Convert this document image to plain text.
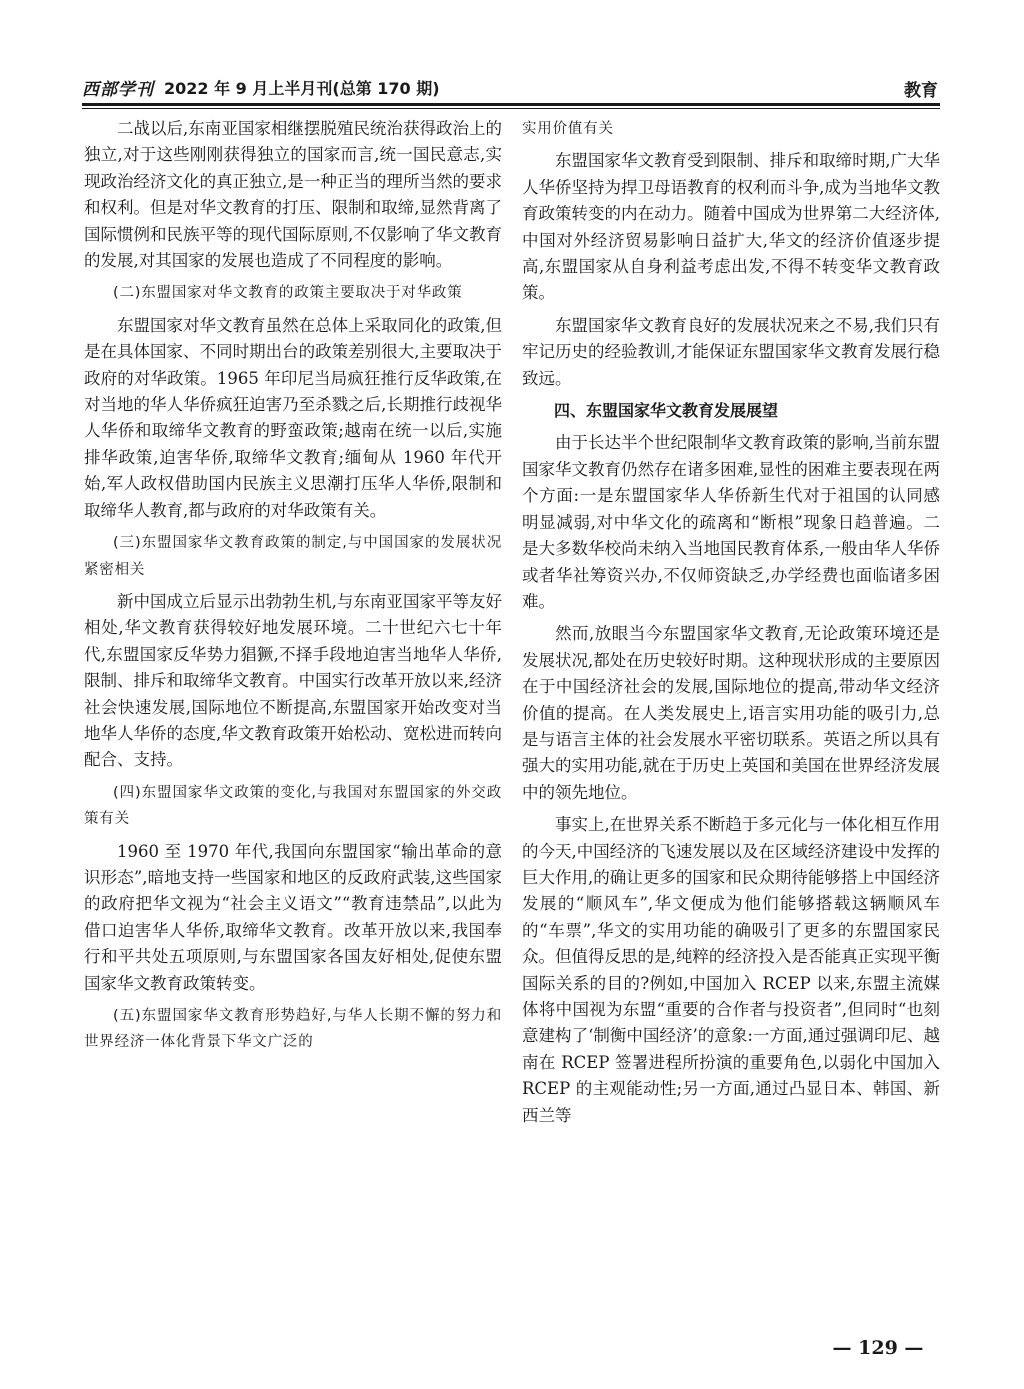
西部学刊 2022 年 9 月上半月刊(总第 170 期)	教育

二战以后,东南亚国家相继摆脱殖民统治获得政治上的独立,对于这些刚刚获得独立的国家而言,统一国民意志,实现政治经济文化的真正独立,是一种正当的理所当然的要求和权利。但是对华文教育的打压、限制和取缔,显然背离了国际惯例和民族平等的现代国际原则,不仅影响了华文教育的发展,对其国家的发展也造成了不同程度的影响。

(二)东盟国家对华文教育的政策主要取决于对华政策

东盟国家对华文教育虽然在总体上采取同化的政策,但是在具体国家、不同时期出台的政策差别很大,主要取决于政府的对华政策。1965 年印尼当局疯狂推行反华政策,在对当地的华人华侨疯狂迫害乃至杀戮之后,长期推行歧视华人华侨和取缔华文教育的野蛮政策;越南在统一以后,实施排华政策,迫害华侨,取缔华文教育;缅甸从 1960 年代开始,军人政权借助国内民族主义思潮打压华人华侨,限制和取缔华人教育,都与政府的对华政策有关。

(三)东盟国家华文教育政策的制定,与中国国家的发展状况紧密相关

新中国成立后显示出勃勃生机,与东南亚国家平等友好相处,华文教育获得较好地发展环境。二十世纪六七十年代,东盟国家反华势力猖獗,不择手段地迫害当地华人华侨,限制、排斥和取缔华文教育。中国实行改革开放以来,经济社会快速发展,国际地位不断提高,东盟国家开始改变对当地华人华侨的态度,华文教育政策开始松动、宽松进而转向配合、支持。

(四)东盟国家华文政策的变化,与我国对东盟国家的外交政策有关

1960 至 1970 年代,我国向东盟国家“输出革命的意识形态”,暗地支持一些国家和地区的反政府武装,这些国家的政府把华文视为“社会主义语文”“教育违禁品”,以此为借口迫害华人华侨,取缔华文教育。改革开放以来,我国奉行和平共处五项原则,与东盟国家各国友好相处,促使东盟国家华文教育政策转变。

(五)东盟国家华文教育形势趋好,与华人长期不懈的努力和世界经济一体化背景下华文广泛的

实用价值有关

东盟国家华文教育受到限制、排斥和取缔时期,广大华人华侨坚持为捍卫母语教育的权利而斗争,成为当地华文教育政策转变的内在动力。随着中国成为世界第二大经济体,中国对外经济贸易影响日益扩大,华文的经济价值逐步提高,东盟国家从自身利益考虑出发,不得不转变华文教育政策。

东盟国家华文教育良好的发展状况来之不易,我们只有牢记历史的经验教训,才能保证东盟国家华文教育发展行稳致远。

四、东盟国家华文教育发展展望

由于长达半个世纪限制华文教育政策的影响,当前东盟国家华文教育仍然存在诸多困难,显性的困难主要表现在两个方面:一是东盟国家华人华侨新生代对于祖国的认同感明显减弱,对中华文化的疏离和“断根”现象日趋普遍。二是大多数华校尚未纳入当地国民教育体系,一般由华人华侨或者华社筹资兴办,不仅师资缺乏,办学经费也面临诸多困难。

然而,放眼当今东盟国家华文教育,无论政策环境还是发展状况,都处在历史较好时期。这种现状形成的主要原因在于中国经济社会的发展,国际地位的提高,带动华文经济价值的提高。在人类发展史上,语言实用功能的吸引力,总是与语言主体的社会发展水平密切联系。英语之所以具有强大的实用功能,就在于历史上英国和美国在世界经济发展中的领先地位。

事实上,在世界关系不断趋于多元化与一体化相互作用的今天,中国经济的飞速发展以及在区域经济建设中发挥的巨大作用,的确让更多的国家和民众期待能够搭上中国经济发展的“顺风车”,华文便成为他们能够搭载这辆顺风车的“车票”,华文的实用功能的确吸引了更多的东盟国家民众。但值得反思的是,纯粹的经济投入是否能真正实现平衡国际关系的目的?例如,中国加入 RCEP 以来,东盟主流媒体将中国视为东盟“重要的合作者与投资者”,但同时“也刻意建构了‘制衡中国经济’的意象:一方面,通过强调印尼、越南在 RCEP 签署进程所扮演的重要角色,以弱化中国加入 RCEP 的主观能动性;另一方面,通过凸显日本、韩国、新西兰等

— 129 —
